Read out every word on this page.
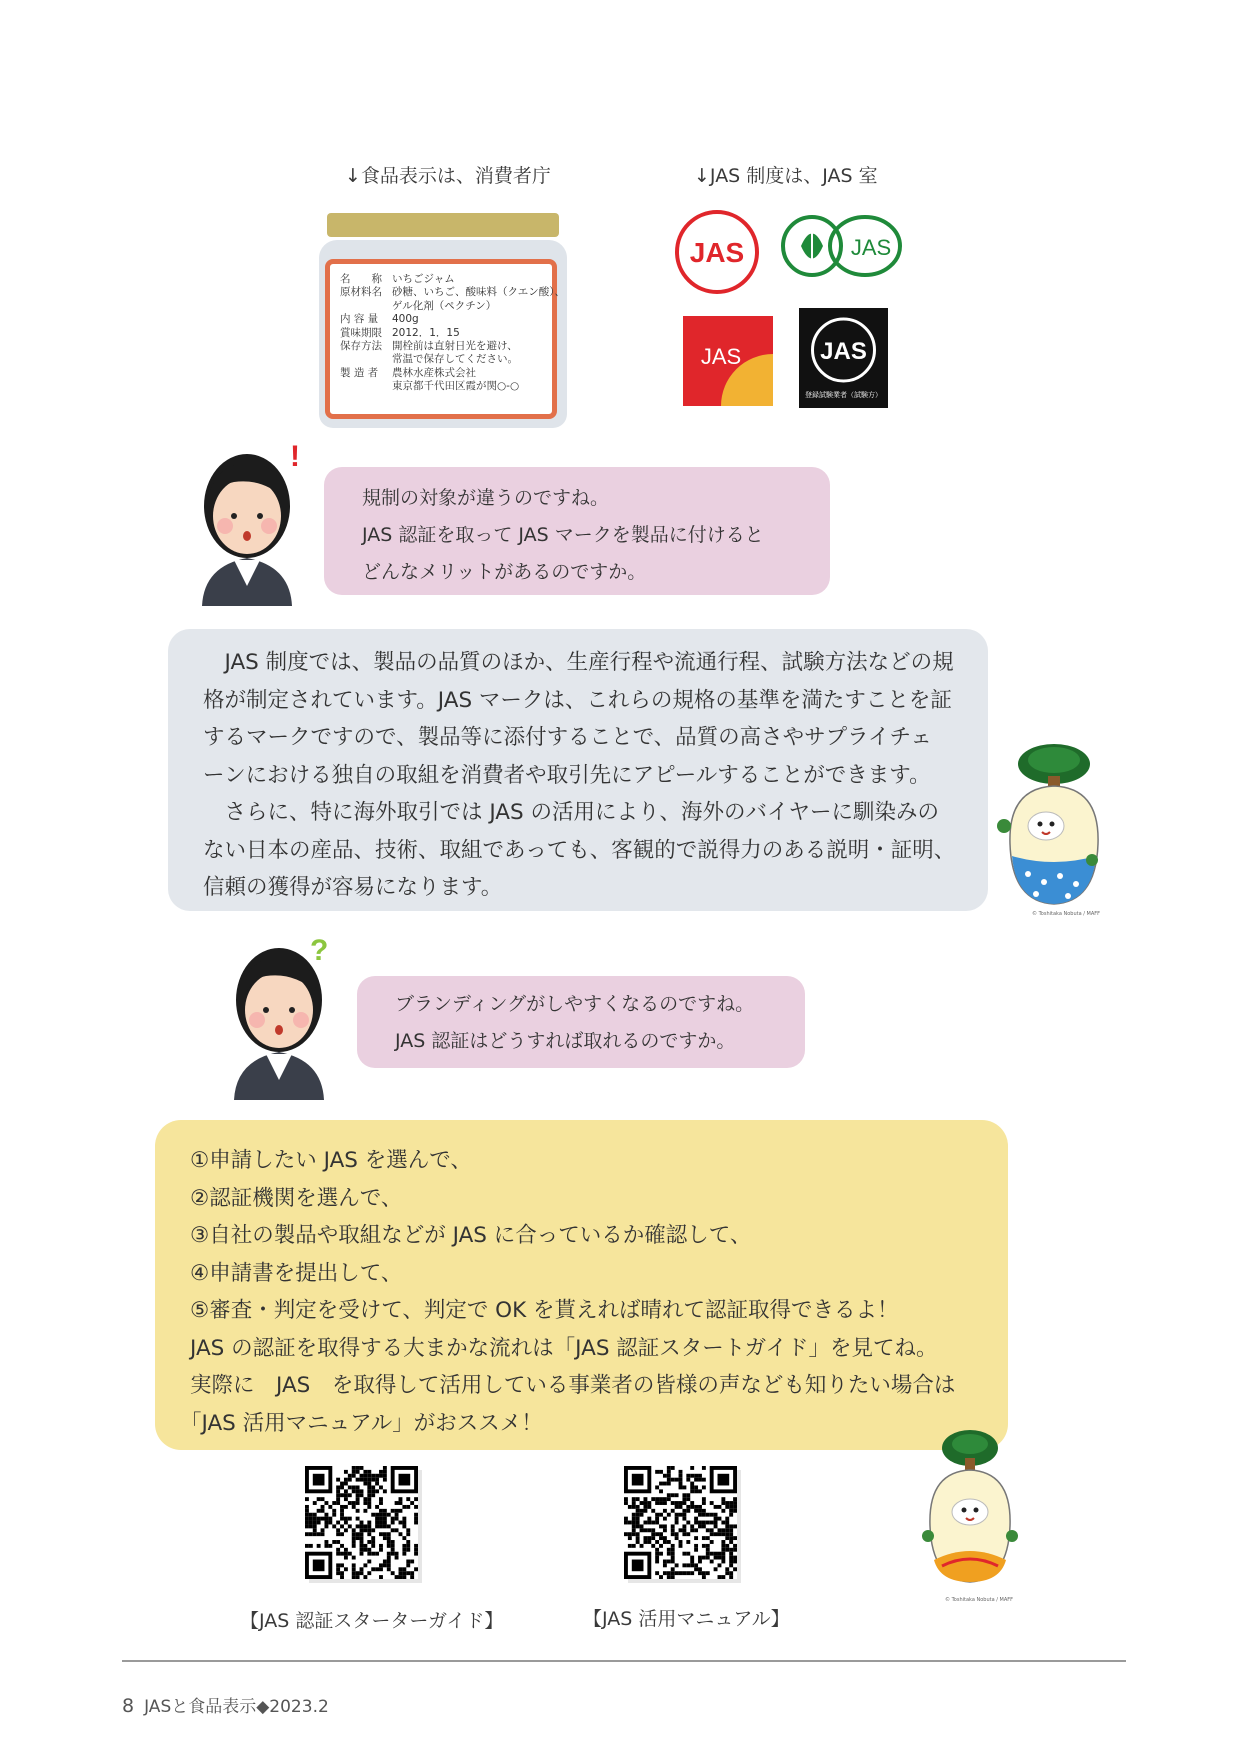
↓食品表示は、消費者庁	↓JAS 制度は、JAS 室
名　　称	いちごジャム
原材料名	砂糖、いちご、酸味料（クエン酸）、
	ゲル化剤（ペクチン）
内 容 量	400g
賞味期限	2012．1．15
保存方法	開栓前は直射日光を避け、
	常温で保存してください。
製 造 者	農林水産株式会社
	東京都千代田区霞が関○-○
JAS	JAS
JAS	JAS
登録試験業者（試験方）
!
規制の対象が違うのですね。
JAS 認証を取って JAS マークを製品に付けると
どんなメリットがあるのですか。
　JAS 制度では、製品の品質のほか、生産行程や流通行程、試験方法などの規
格が制定されています。JAS マークは、これらの規格の基準を満たすことを証
するマークですので、製品等に添付することで、品質の高さやサプライチェ
ーンにおける独自の取組を消費者や取引先にアピールすることができます。
　さらに、特に海外取引では JAS の活用により、海外のバイヤーに馴染みの
ない日本の産品、技術、取組であっても、客観的で説得力のある説明・証明、
信頼の獲得が容易になります。
© Toshitaka Nobuta / MAFF
?
ブランディングがしやすくなるのですね。
JAS 認証はどうすれば取れるのですか。
①申請したい JAS を選んで、
②認証機関を選んで、
③自社の製品や取組などが JAS に合っているか確認して、
④申請書を提出して、
⑤審査・判定を受けて、判定で OK を貰えれば晴れて認証取得できるよ！
JAS の認証を取得する大まかな流れは「JAS 認証スタートガイド」を見てね。
実際に　JAS　を取得して活用している事業者の皆様の声なども知りたい場合は
「JAS 活用マニュアル」がおススメ！
【JAS 認証スターターガイド】	【JAS 活用マニュアル】
© Toshitaka Nobuta / MAFF
8 JASと食品表示◆2023.2
